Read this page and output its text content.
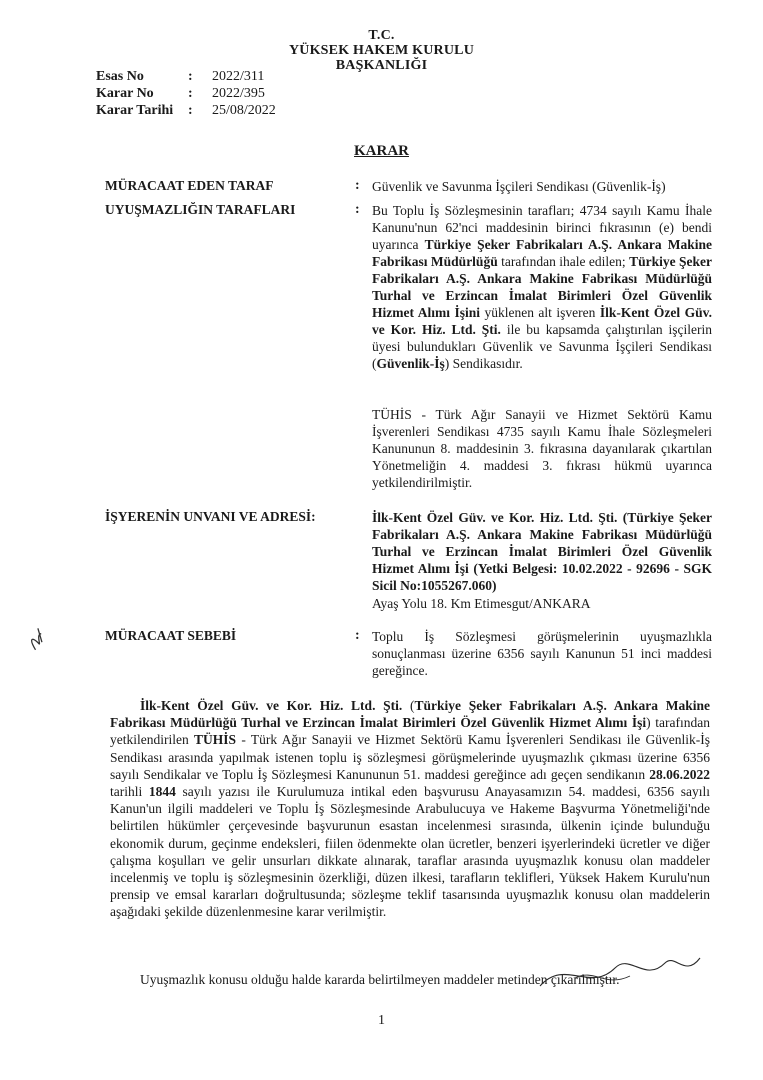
T.C.
YÜKSEK HAKEM KURULU
BAŞKANLIĞI
Esas No	: 2022/311
Karar No : 2022/395
Karar Tarihi : 25/08/2022
KARAR
MÜRACAAT EDEN TARAF	: Güvenlik ve Savunma İşçileri Sendikası (Güvenlik-İş)
UYUŞMAZLIĞIN TARAFLARI	: Bu Toplu İş Sözleşmesinin tarafları; 4734 sayılı Kamu İhale Kanunu'nun 62'nci maddesinin birinci fıkrasının (e) bendi uyarınca Türkiye Şeker Fabrikaları A.Ş. Ankara Makine Fabrikası Müdürlüğü tarafından ihale edilen; Türkiye Şeker Fabrikaları A.Ş. Ankara Makine Fabrikası Müdürlüğü Turhal ve Erzincan İmalat Birimleri Özel Güvenlik Hizmet Alımı İşini yüklenen alt işveren İlk-Kent Özel Güv. ve Kor. Hiz. Ltd. Şti. ile bu kapsamda çalıştırılan işçilerin üyesi bulundukları Güvenlik ve Savunma İşçileri Sendikası (Güvenlik-İş) Sendikasıdır.
TÜHİS - Türk Ağır Sanayii ve Hizmet Sektörü Kamu İşverenleri Sendikası 4735 sayılı Kamu İhale Sözleşmeleri Kanununun 8. maddesinin 3. fıkrasına dayanılarak çıkartılan Yönetmeliğin 4. maddesi 3. fıkrası hükmü uyarınca yetkilendirilmiştir.
İŞYERENİN UNVANI VE ADRESİ:	İlk-Kent Özel Güv. ve Kor. Hiz. Ltd. Şti. (Türkiye Şeker Fabrikaları A.Ş. Ankara Makine Fabrikası Müdürlüğü Turhal ve Erzincan İmalat Birimleri Özel Güvenlik Hizmet Alımı İşi (Yetki Belgesi: 10.02.2022 - 92696 - SGK Sicil No:1055267.060)
Ayaş Yolu 18. Km Etimesgut/ANKARA
MÜRACAAT SEBEBİ	: Toplu İş Sözleşmesi görüşmelerinin uyuşmazlıkla sonuçlanması üzerine 6356 sayılı Kanunun 51 inci maddesi gereğince.
İlk-Kent Özel Güv. ve Kor. Hiz. Ltd. Şti. (Türkiye Şeker Fabrikaları A.Ş. Ankara Makine Fabrikası Müdürlüğü Turhal ve Erzincan İmalat Birimleri Özel Güvenlik Hizmet Alımı İşi) tarafından yetkilendirilen TÜHİS - Türk Ağır Sanayii ve Hizmet Sektörü Kamu İşverenleri Sendikası ile Güvenlik-İş Sendikası arasında yapılmak istenen toplu iş sözleşmesi görüşmelerinde uyuşmazlık çıkması üzerine 6356 sayılı Sendikalar ve Toplu İş Sözleşmesi Kanununun 51. maddesi gereğince adı geçen sendikanın 28.06.2022 tarihli 1844 sayılı yazısı ile Kurulumuza intikal eden başvurusu Anayasamızın 54. maddesi, 6356 sayılı Kanun'un ilgili maddeleri ve Toplu İş Sözleşmesinde Arabulucuya ve Hakeme Başvurma Yönetmeliği'nde belirtilen hükümler çerçevesinde başvurunun esastan incelenmesi sırasında, ülkenin içinde bulunduğu ekonomik durum, geçinme endeksleri, fiilen ödenmekte olan ücretler, benzeri işyerlerindeki ücretler ve diğer çalışma koşulları ve gelir unsurları dikkate alınarak, taraflar arasında uyuşmazlık konusu olan maddeler incelenmiş ve toplu iş sözleşmesinin özerkliği, düzen ilkesi, tarafların teklifleri, Yüksek Hakem Kurulu'nun prensip ve emsal kararları doğrultusunda; sözleşme teklif tasarısında uyuşmazlık konusu olan maddelerin aşağıdaki şekilde düzenlenmesine karar verilmiştir.
Uyuşmazlık konusu olduğu halde kararda belirtilmeyen maddeler metinden çıkarılmıştır.
1
